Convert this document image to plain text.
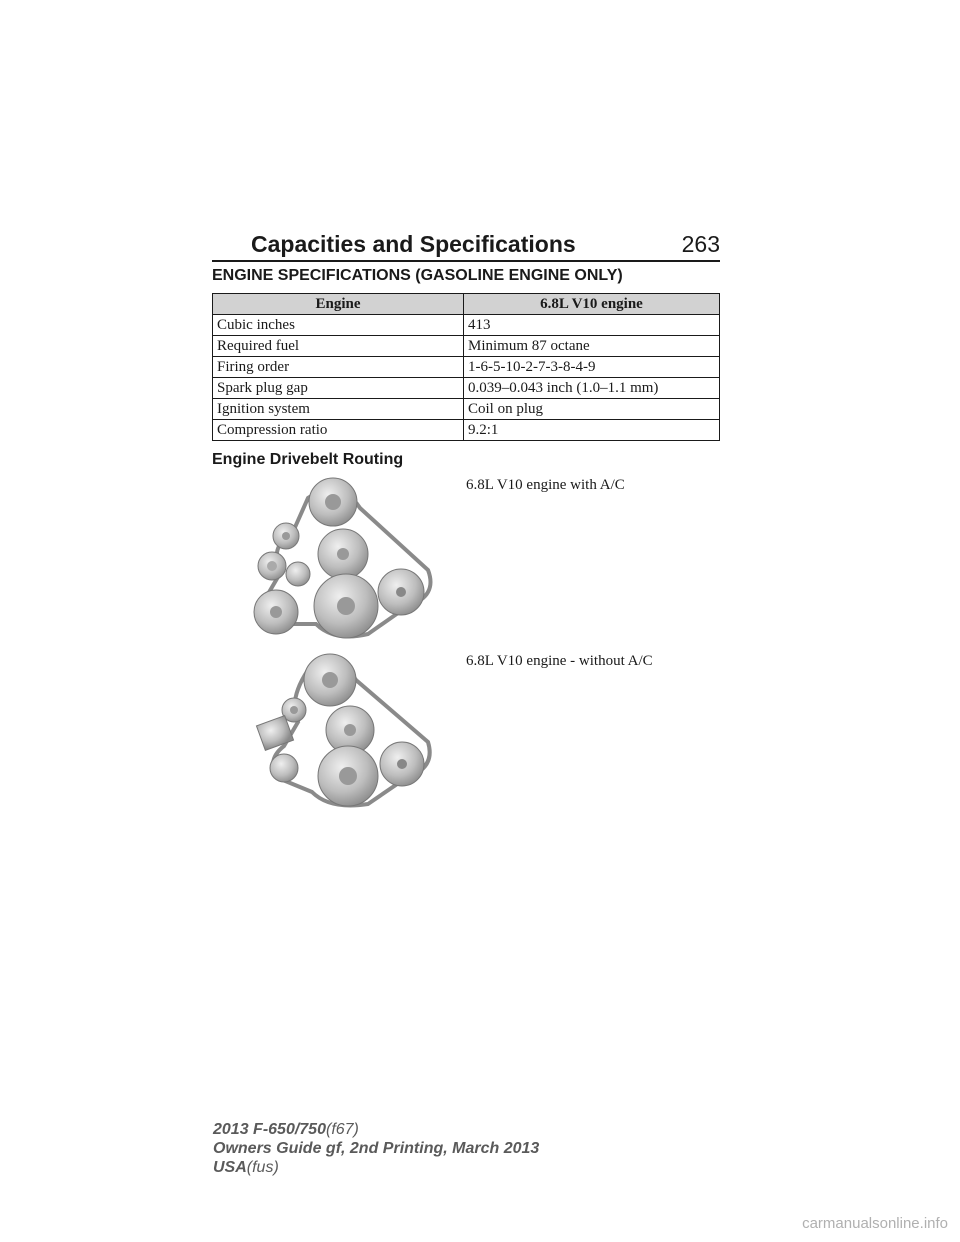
Capacities and Specifications	263
ENGINE SPECIFICATIONS (GASOLINE ENGINE ONLY)
Engine	6.8L V10 engine
Cubic inches	413
Required fuel	Minimum 87 octane
Firing order	1-6-5-10-2-7-3-8-4-9
Spark plug gap	0.039–0.043 inch (1.0–1.1 mm)
Ignition system	Coil on plug
Compression ratio	9.2:1
Engine Drivebelt Routing
6.8L V10 engine with A/C
6.8L V10 engine - without A/C
2013 F-650/750(f67)
Owners Guide gf, 2nd Printing, March 2013
USA(fus)
carmanualsonline.info
